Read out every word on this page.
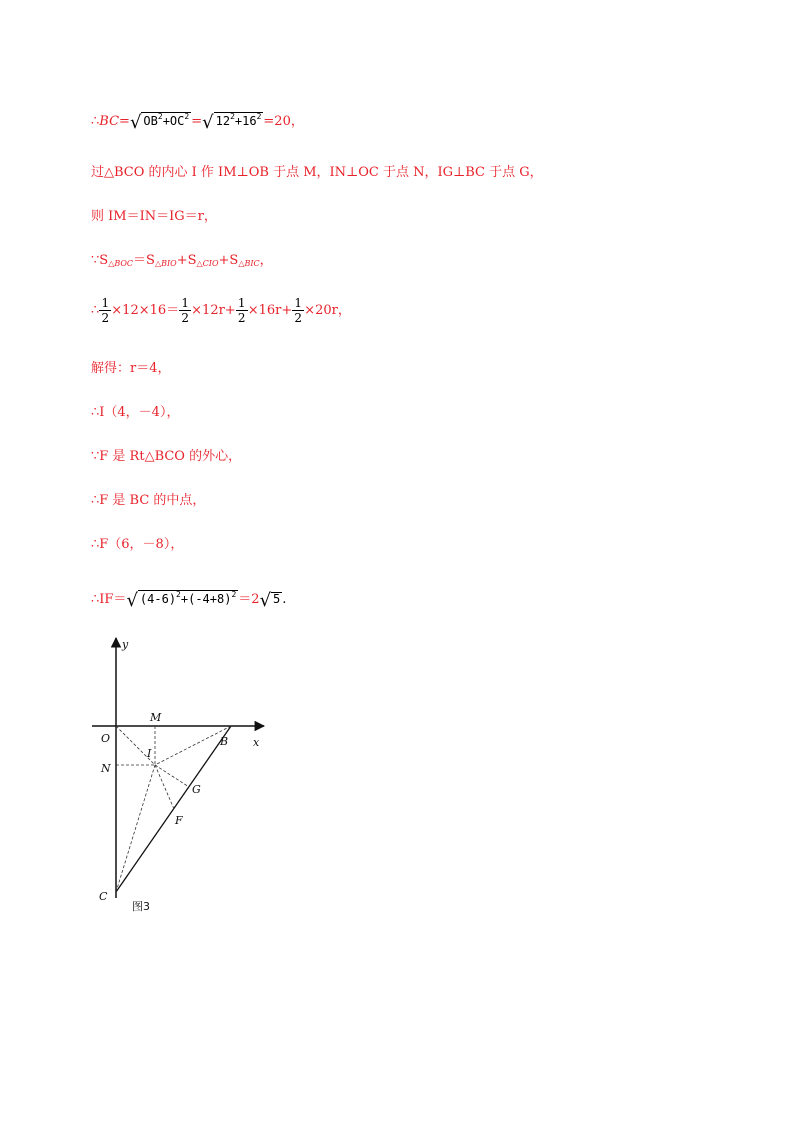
∴BC=√ $OB^2+OC^2$ =√ $12^2+16^2 =20$，
过△BCO 的内心 I 作 IM⊥OB 于点 M，IN⊥OC 于点 N，IG⊥BC 于点 G，
则 IM＝IN＝IG＝r，
$\because S_{\triangle BOC}=S_{\triangle BIO}+S_{\triangle CIO}+S_{\triangle BIC}$，
∴ $\frac{1}{2} \times 12\times 16= \frac{1}{2} \times 12r+ \frac{1}{2} \times 16r+ \frac{1}{2} \times 20r$，
解得：r＝4，
∴I（4，－4），
∵F 是 Rt△BCO 的外心，
∴F 是 BC 的中点，
∴F（6，－8），
∴IF＝√ $(4-6)^2+(-4+8)^2 =2√$ 5 .
y
x
O
M
B
I
N
G
F
C
图3
